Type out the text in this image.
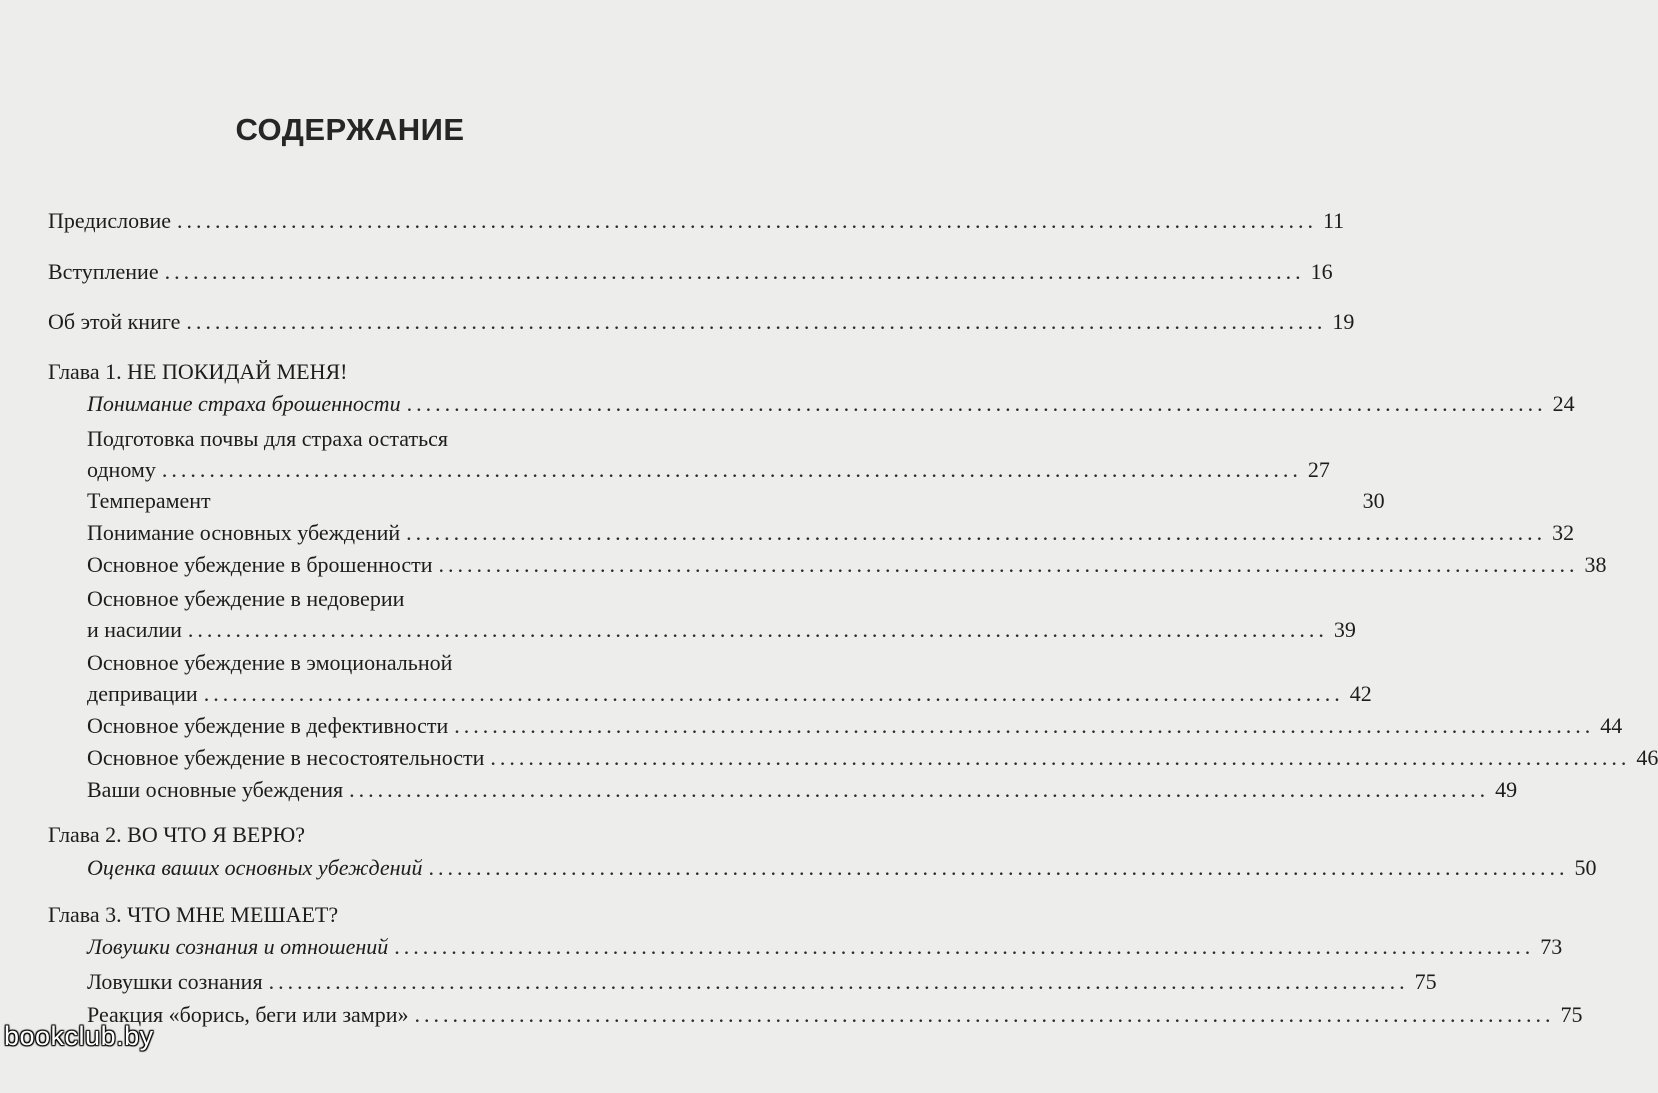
СОДЕРЖАНИЕ
Предисловие ........................................................................................................................ 11
Вступление ........................................................................................................................ 16
Об этой книге ........................................................................................................................ 19
Глава 1. НЕ ПОКИДАЙ МЕНЯ!
Понимание страха брошенности ........................................................................................................................ 24
Подготовка почвы для страха остаться
одному ........................................................................................................................ 27
Темперамент	30
Понимание основных убеждений ........................................................................................................................ 32
Основное убеждение в брошенности ........................................................................................................................ 38
Основное убеждение в недоверии
и насилии ........................................................................................................................ 39
Основное убеждение в эмоциональной
депривации ........................................................................................................................ 42
Основное убеждение в дефективности ........................................................................................................................ 44
Основное убеждение в несостоятельности ........................................................................................................................ 46
Ваши основные убеждения ........................................................................................................................ 49
Глава 2. ВО ЧТО Я ВЕРЮ?
Оценка ваших основных убеждений ........................................................................................................................ 50
Глава 3. ЧТО МНЕ МЕШАЕТ?
Ловушки сознания и отношений ........................................................................................................................ 73
Ловушки сознания ........................................................................................................................ 75
Реакция «борись, беги или замри» ........................................................................................................................ 75
bookclub.by
